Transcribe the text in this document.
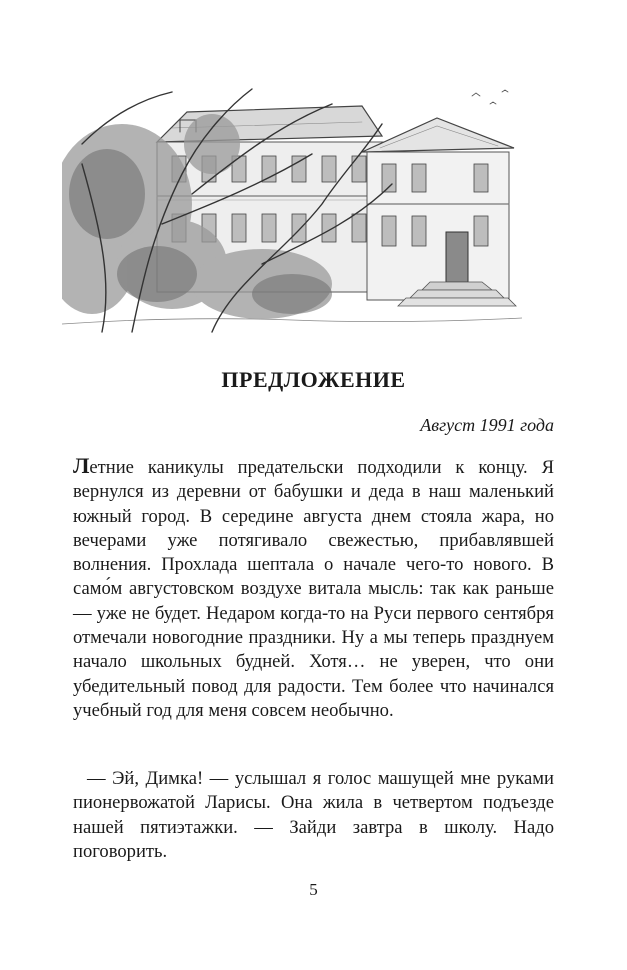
ПРЕДЛОЖЕНИЕ

Август 1991 года

Летние каникулы предательски подходили к концу. Я вернулся из деревни от бабушки и деда в наш маленький южный город. В середине августа днем стояла жара, но вечерами уже потягивало свежестью, прибавлявшей волнения. Прохлада шептала о начале чего-то нового. В само́м августовском воздухе витала мысль: так как раньше — уже не будет. Недаром когда-то на Руси первого сентября отмечали новогодние праздники. Ну а мы теперь празднуем начало школьных будней. Хотя… не уверен, что они убедительный повод для радости. Тем более что начинался учебный год для меня совсем необычно.

— Эй, Димка! — услышал я голос машущей мне руками пионервожатой Ларисы. Она жила в четвертом подъезде нашей пятиэтажки. — Зайди завтра в школу. Надо поговорить.

5
